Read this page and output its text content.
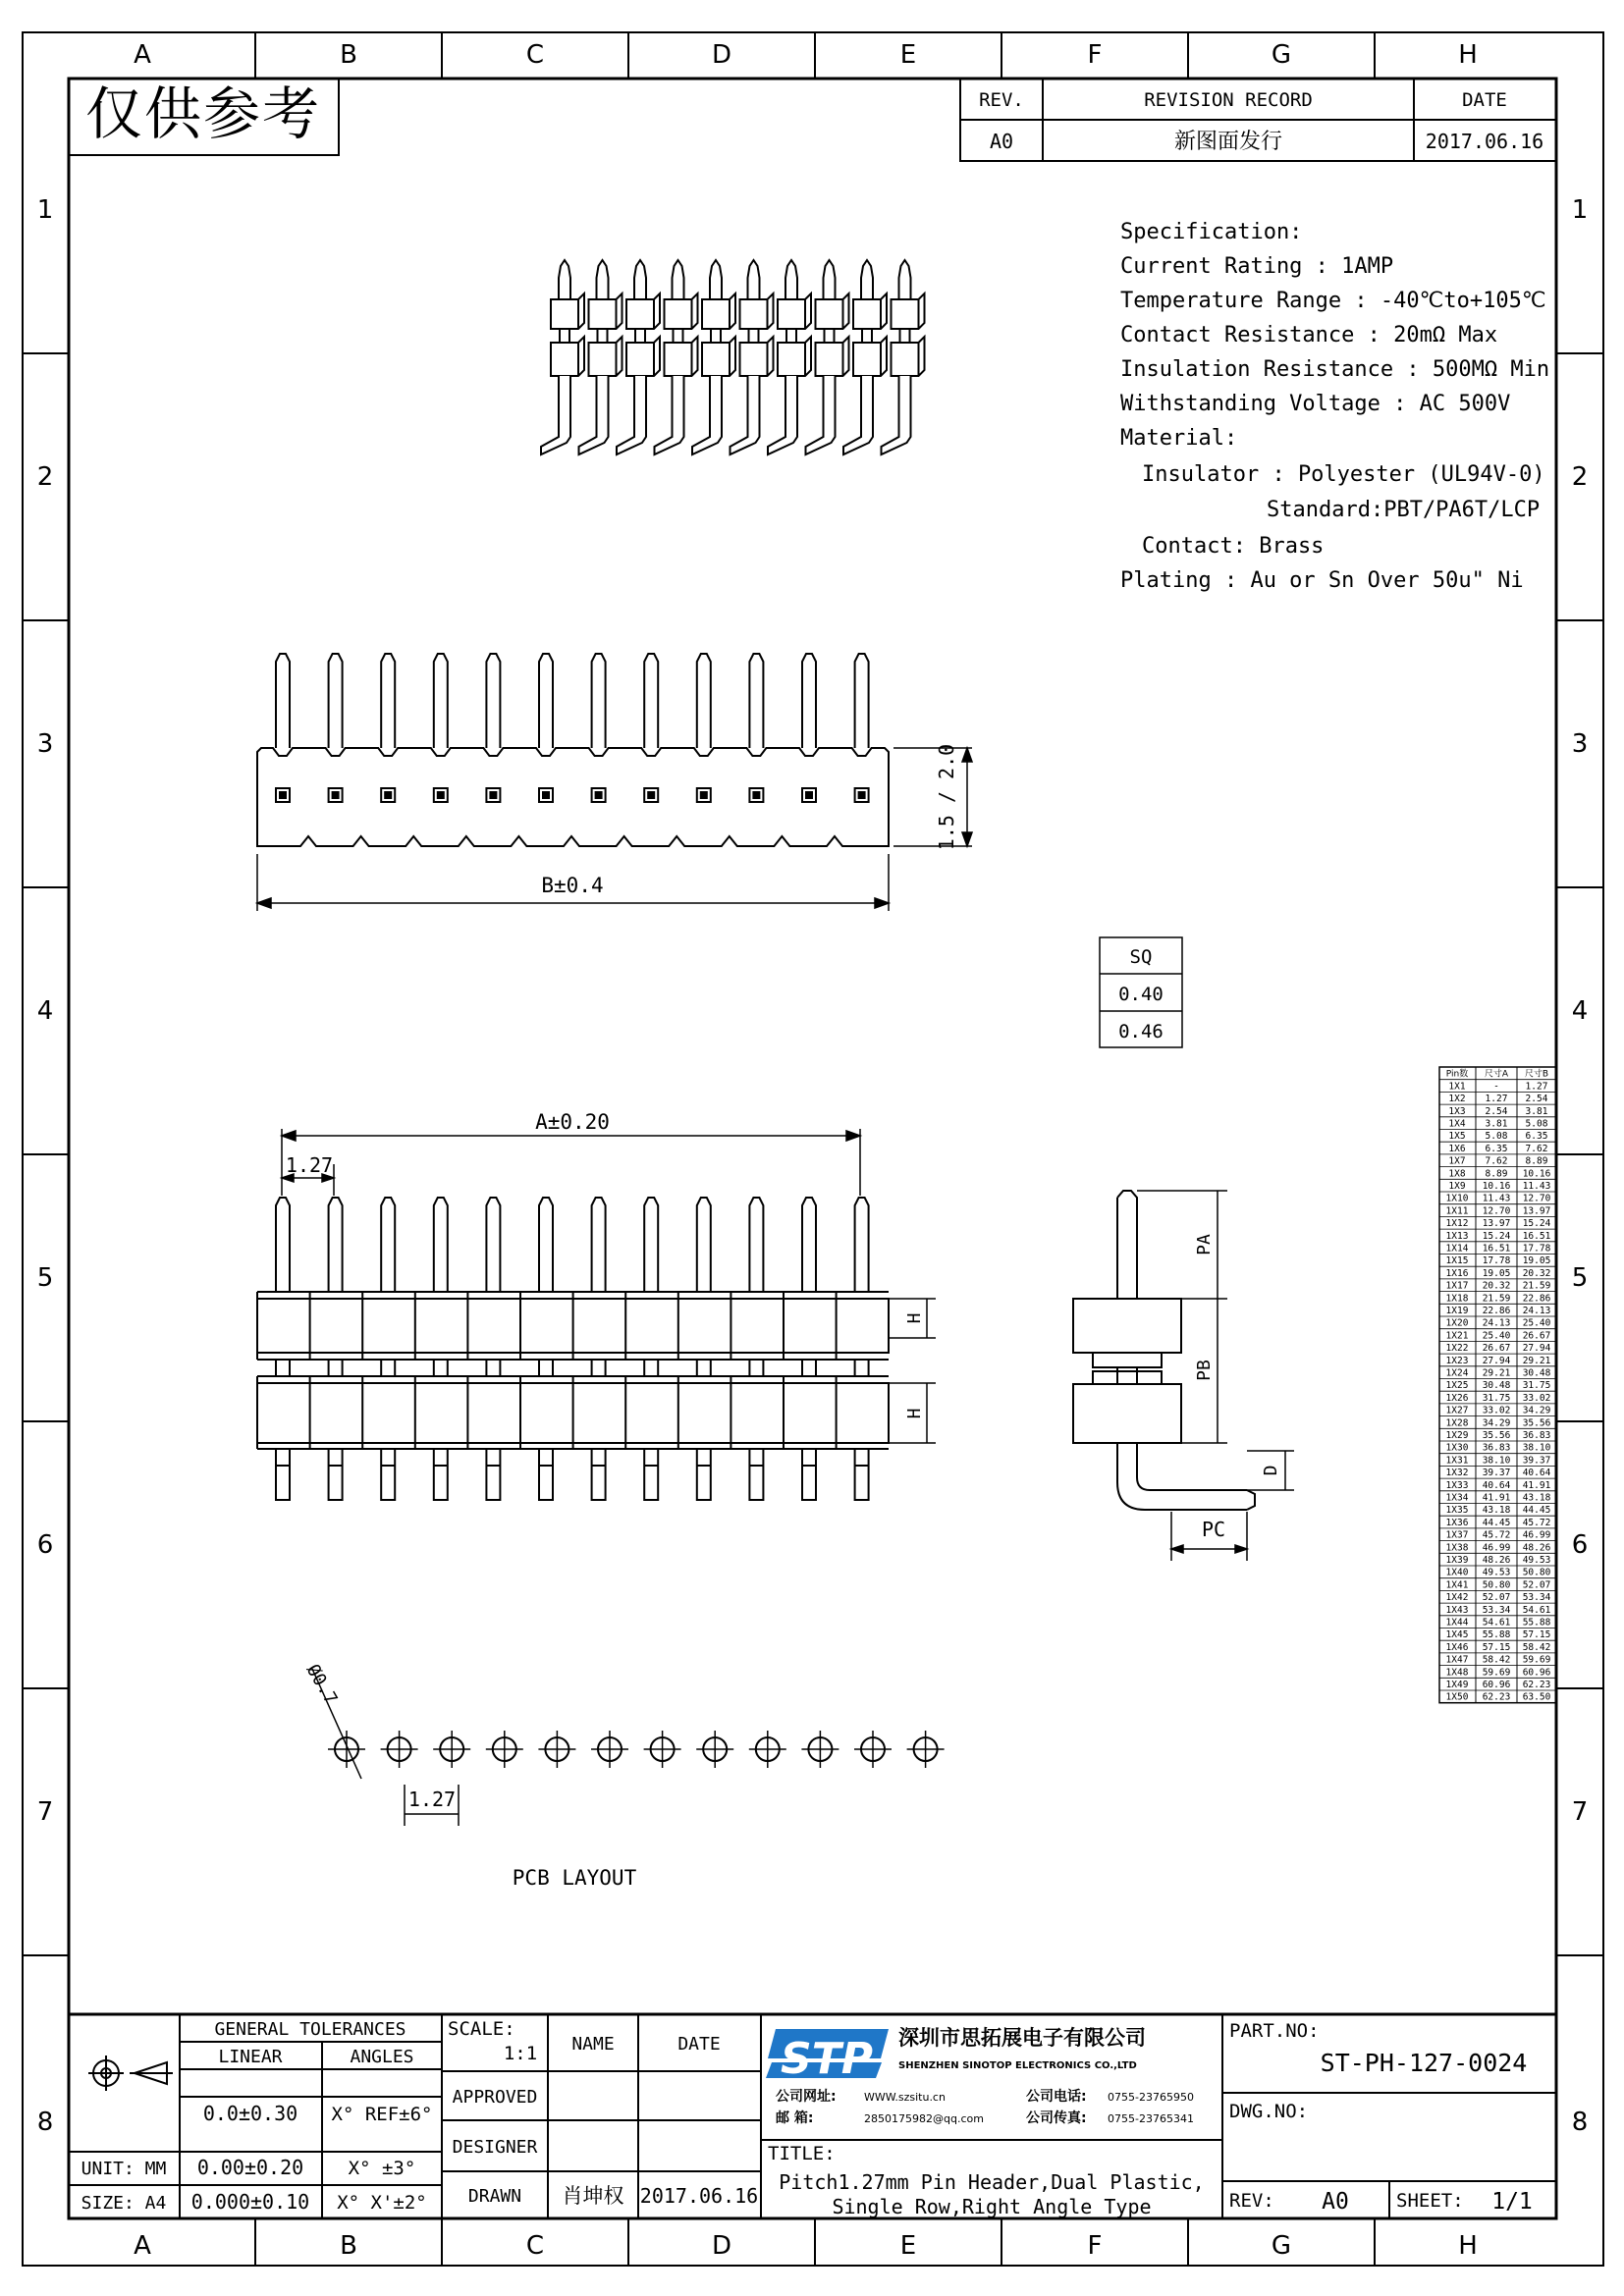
A
A
B
B
C
C
D
D
E
E
F
F
G
G
H
H
1	1
2	2
3	3
4	4
5	5
6	6
7	7
8	8
仅供参考	REV.	REVISION RECORD	DATE
A0	新图面发行	2017.06.16
Specification:
Current Rating : 1AMP
Temperature Range : -40℃to+105℃
Contact Resistance : 20mΩ Max
Insulation Resistance : 500MΩ Min
Withstanding Voltage : AC 500V
Material:
Insulator : Polyester (UL94V-0)
Standard:PBT/PA6T/LCP
Contact: Brass
Plating : Au or Sn Over 50u" Ni
1.5 / 2.0
B±0.4
A±0.20
1.27
H
H
PA
PB
D
PC
SQ
0.40
0.46
Pin数 尺寸A 尺寸B
1X1	-	1.27
1X2 1.27 2.54
1X3 2.54 3.81
1X4 3.81 5.08
1X5 5.08 6.35
1X6 6.35 7.62
1X7 7.62 8.89
1X8 8.89 10.16
1X9 10.16 11.43
1X10 11.43 12.70
1X11 12.70 13.97
1X12 13.97 15.24
1X13 15.24 16.51
1X14 16.51 17.78
1X15 17.78 19.05
1X16 19.05 20.32
1X17 20.32 21.59
1X18 21.59 22.86
1X19 22.86 24.13
1X20 24.13 25.40
1X21 25.40 26.67
1X22 26.67 27.94
1X23 27.94 29.21
1X24 29.21 30.48
1X25 30.48 31.75
1X26 31.75 33.02
1X27 33.02 34.29
1X28 34.29 35.56
1X29 35.56 36.83
1X30 36.83 38.10
1X31 38.10 39.37
1X32 39.37 40.64
1X33 40.64 41.91
1X34 41.91 43.18
1X35 43.18 44.45
1X36 44.45 45.72
1X37 45.72 46.99
1X38 46.99 48.26
1X39 48.26 49.53
1X40 49.53 50.80
1X41 50.80 52.07
1X42 52.07 53.34
1X43 53.34 54.61
1X44 54.61 55.88
1X45 55.88 57.15
1X46 57.15 58.42
1X47 58.42 59.69
1X48 59.69 60.96
1X49 60.96 62.23
1X50 62.23 63.50
Ø0.7
1.27
PCB LAYOUT
GENERAL TOLERANCES
LINEAR	ANGLES
0.0±0.30 X° REF±6°
UNIT: MM 0.00±0.20 X° ±3°
SIZE: A4 0.000±0.10 X° X'±2°
SCALE:
1:1 NAME	DATE
APPROVED
DESIGNER
DRAWN 肖坤权 2017.06.16
TITLE:
Pitch1.27mm Pin Header,Dual Plastic,
Single Row,Right Angle Type
PART.NO:
ST-PH-127-0024
DWG.NO:
REV: A0	SHEET: 1/1
STP 深圳市思拓展电子有限公司
SHENZHEN SINOTOP ELECTRONICS CO.,LTD
公司网址:	WWW.szsitu.cn
邮 箱:	2850175982@qq.com
公司电话: 0755-23765950
公司传真: 0755-23765341
